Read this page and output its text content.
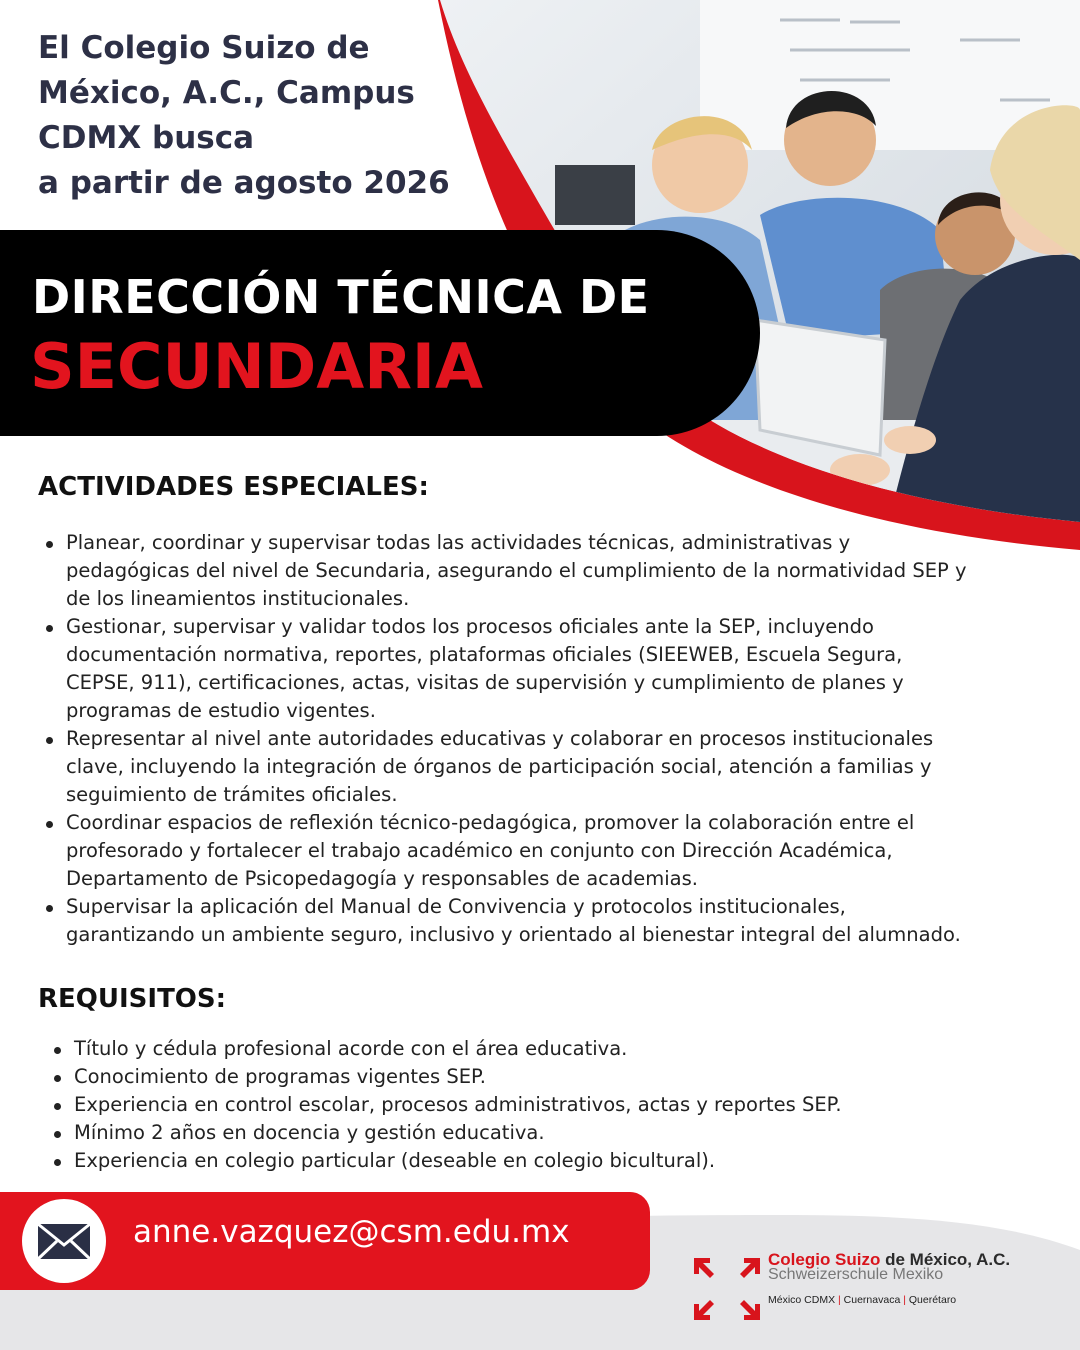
El Colegio Suizo de
México, A.C., Campus
CDMX busca
a partir de agosto 2026
DIRECCIÓN TÉCNICA DE
SECUNDARIA
ACTIVIDADES ESPECIALES:
Planear, coordinar y supervisar todas las actividades técnicas, administrativas y pedagógicas del nivel de Secundaria, asegurando el cumplimiento de la normatividad SEP y de los lineamientos institucionales.
Gestionar, supervisar y validar todos los procesos oficiales ante la SEP, incluyendo documentación normativa, reportes, plataformas oficiales (SIEEWEB, Escuela Segura, CEPSE, 911), certificaciones, actas, visitas de supervisión y cumplimiento de planes y programas de estudio vigentes.
Representar al nivel ante autoridades educativas y colaborar en procesos institucionales clave, incluyendo la integración de órganos de participación social, atención a familias y seguimiento de trámites oficiales.
Coordinar espacios de reflexión técnico-pedagógica, promover la colaboración entre el profesorado y fortalecer el trabajo académico en conjunto con Dirección Académica, Departamento de Psicopedagogía y responsables de academias.
Supervisar la aplicación del Manual de Convivencia y protocolos institucionales, garantizando un ambiente seguro, inclusivo y orientado al bienestar integral del alumnado.
REQUISITOS:
Título y cédula profesional acorde con el área educativa.
Conocimiento de programas vigentes SEP.
Experiencia en control escolar, procesos administrativos, actas y reportes SEP.
Mínimo 2 años en docencia y gestión educativa.
Experiencia en colegio particular (deseable en colegio bicultural).
anne.vazquez@csm.edu.mx
Colegio Suizo de México, A.C.
Schweizerschule Mexiko
México CDMX | Cuernavaca | Querétaro
